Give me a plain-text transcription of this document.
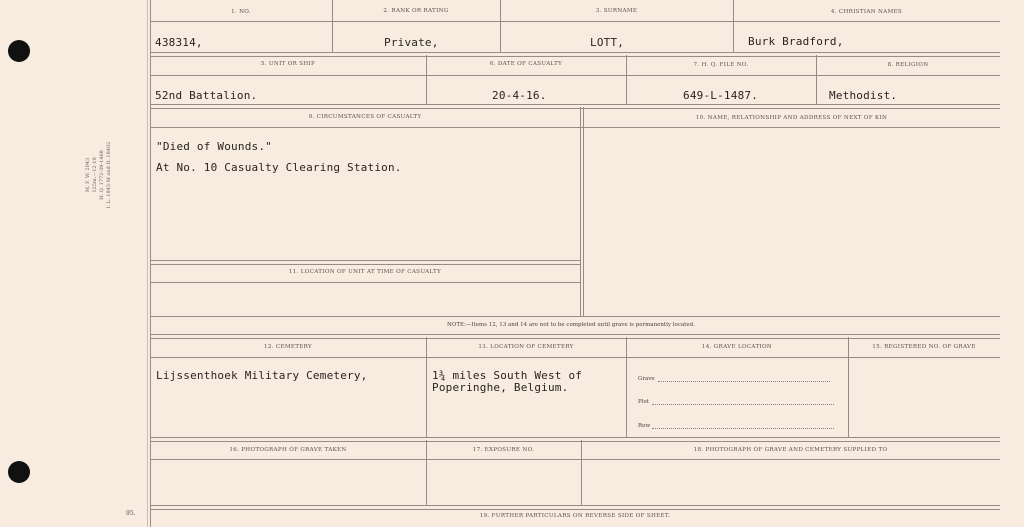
M. F. W. 2043 125m.—12-19 H. Q. 1772-39-1468 I. L. 1845-M and D. 18402
95.
1. NO.	2. RANK OR RATING	3. SURNAME	4. CHRISTIAN NAMES
438314,	Private,	LOTT,	Burk Bradford,
5. UNIT OR SHIP	6. DATE OF CASUALTY	7. H. Q. FILE NO.	8. RELIGION
52nd Battalion.	20-4-16.	649-L-1487.	Methodist.
9. CIRCUMSTANCES OF CASUALTY	10. NAME, RELATIONSHIP AND ADDRESS OF NEXT OF KIN
"Died of Wounds."
At No. 10 Casualty Clearing Station.
11. LOCATION OF UNIT AT TIME OF CASUALTY
NOTE:—Items 12, 13 and 14 are not to be completed until grave is permanently located.
12. CEMETERY	13. LOCATION OF CEMETERY	14. GRAVE LOCATION	15. REGISTERED NO. OF GRAVE
Lijssenthoek Military Cemetery,	1¾ miles South West of
Poperinghe, Belgium.
Grave
Plot
Row
16. PHOTOGRAPH OF GRAVE TAKEN	17. EXPOSURE NO.	18. PHOTOGRAPH OF GRAVE AND CEMETERY SUPPLIED TO
19. FURTHER PARTICULARS ON REVERSE SIDE OF SHEET.
